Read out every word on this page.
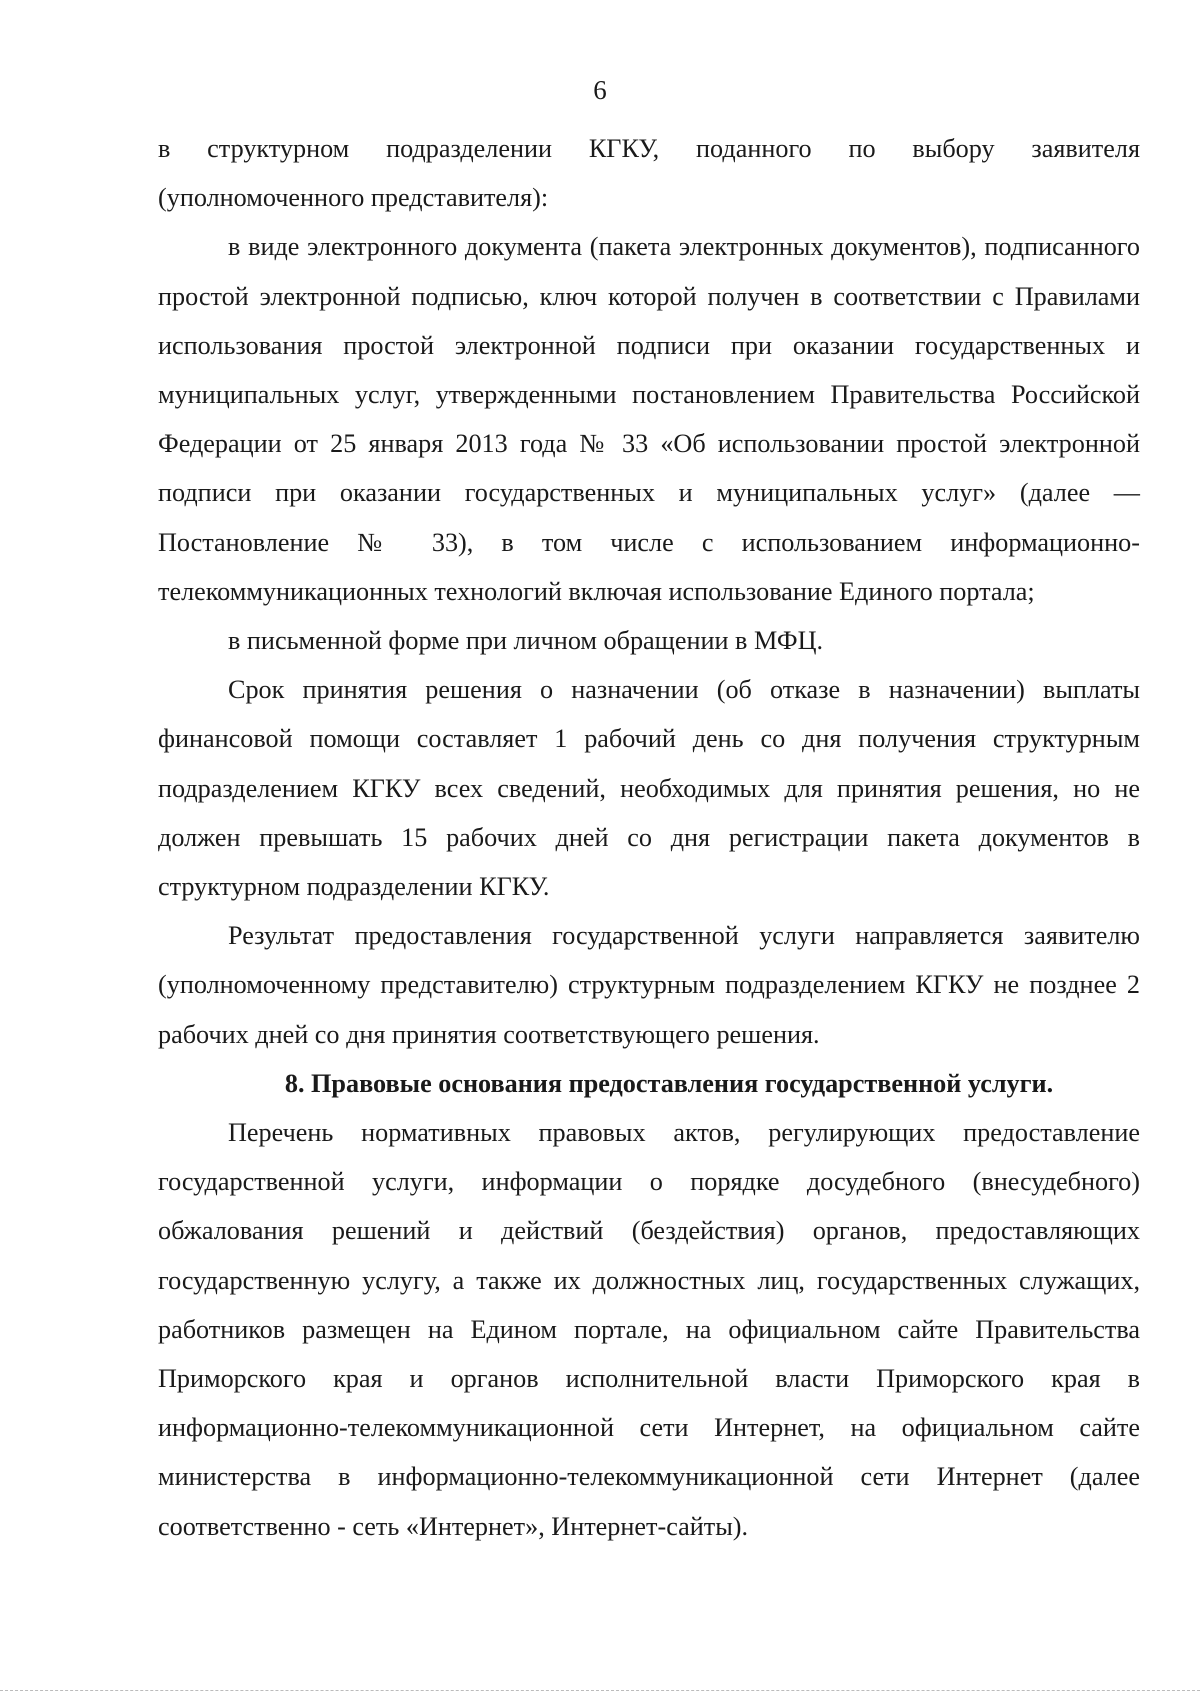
6

в структурном подразделении КГКУ, поданного по выбору заявителя (уполномоченного представителя):

в виде электронного документа (пакета электронных документов), подписанного простой электронной подписью, ключ которой получен в соответствии с Правилами использования простой электронной подписи при оказании государственных и муниципальных услуг, утвержденными постановлением Правительства Российской Федерации от 25 января 2013 года № 33 «Об использовании простой электронной подписи при оказании государственных и муниципальных услуг» (далее — Постановление № 33), в том числе с использованием информационно-телекоммуникационных технологий включая использование Единого портала;

в письменной форме при личном обращении в МФЦ.

Срок принятия решения о назначении (об отказе в назначении) выплаты финансовой помощи составляет 1 рабочий день со дня получения структурным подразделением КГКУ всех сведений, необходимых для принятия решения, но не должен превышать 15 рабочих дней со дня регистрации пакета документов в структурном подразделении КГКУ.

Результат предоставления государственной услуги направляется заявителю (уполномоченному представителю) структурным подразделением КГКУ не позднее 2 рабочих дней со дня принятия соответствующего решения.

8. Правовые основания предоставления государственной услуги.

Перечень нормативных правовых актов, регулирующих предоставление государственной услуги, информации о порядке досудебного (внесудебного) обжалования решений и действий (бездействия) органов, предоставляющих государственную услугу, а также их должностных лиц, государственных служащих, работников размещен на Едином портале, на официальном сайте Правительства Приморского края и органов исполнительной власти Приморского края в информационно-телекоммуникационной сети Интернет, на официальном сайте министерства в информационно-телекоммуникационной сети Интернет (далее соответственно - сеть «Интернет», Интернет-сайты).
